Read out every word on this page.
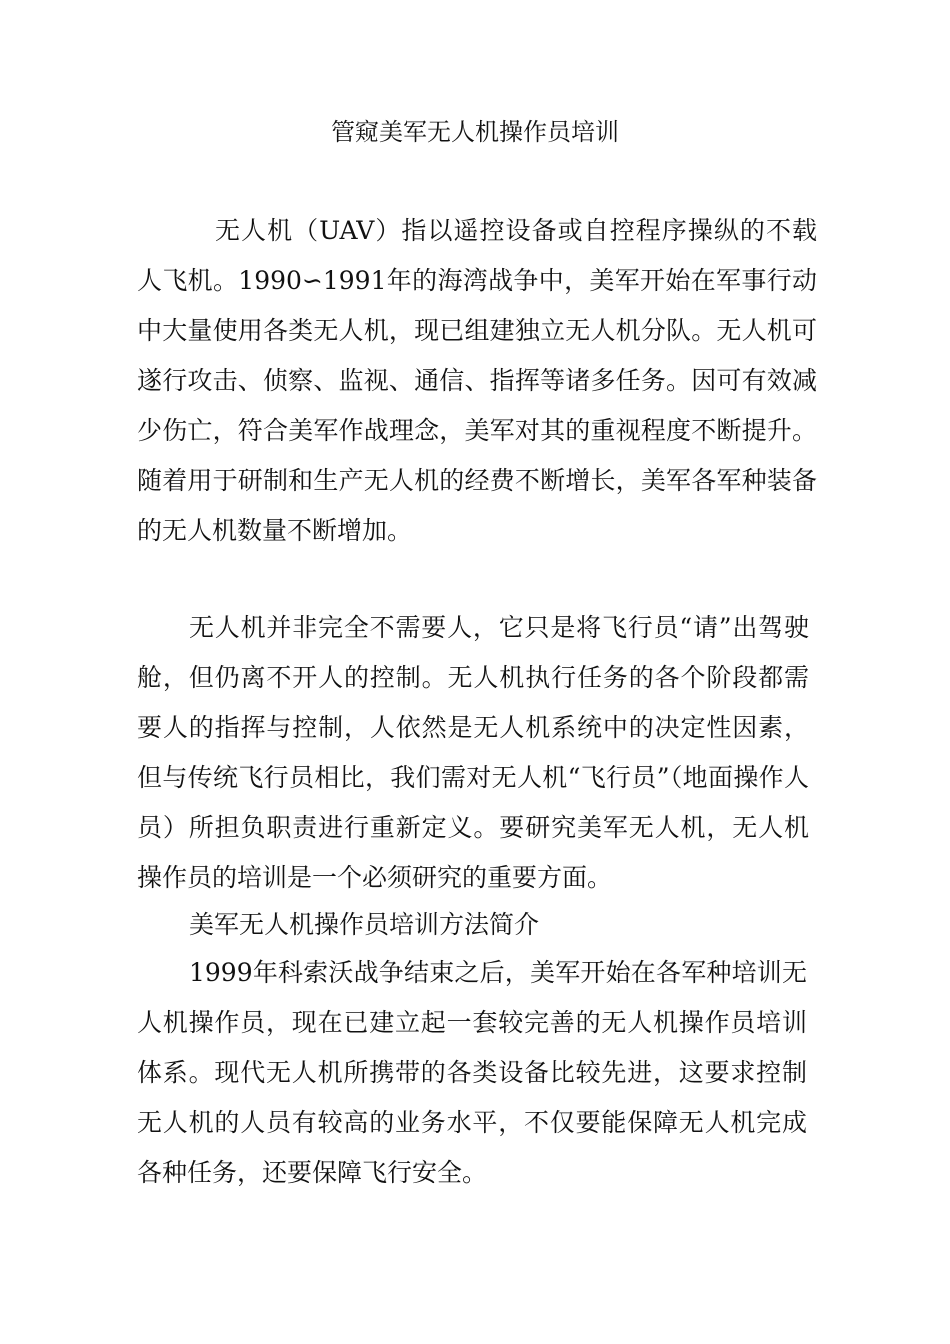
管窥美军无人机操作员培训

无人机（UAV）指以遥控设备或自控程序操纵的不载人飞机。1990∽1991年的海湾战争中，美军开始在军事行动中大量使用各类无人机，现已组建独立无人机分队。无人机可遂行攻击、侦察、监视、通信、指挥等诸多任务。因可有效减少伤亡，符合美军作战理念，美军对其的重视程度不断提升。随着用于研制和生产无人机的经费不断增长，美军各军种装备的无人机数量不断增加。

无人机并非完全不需要人，它只是将飞行员“请”出驾驶舱，但仍离不开人的控制。无人机执行任务的各个阶段都需要人的指挥与控制，人依然是无人机系统中的决定性因素，但与传统飞行员相比，我们需对无人机“飞行员”（地面操作人员）所担负职责进行重新定义。要研究美军无人机，无人机操作员的培训是一个必须研究的重要方面。

美军无人机操作员培训方法简介

1999年科索沃战争结束之后，美军开始在各军种培训无人机操作员，现在已建立起一套较完善的无人机操作员培训体系。现代无人机所携带的各类设备比较先进，这要求控制无人机的人员有较高的业务水平，不仅要能保障无人机完成各种任务，还要保障飞行安全。
